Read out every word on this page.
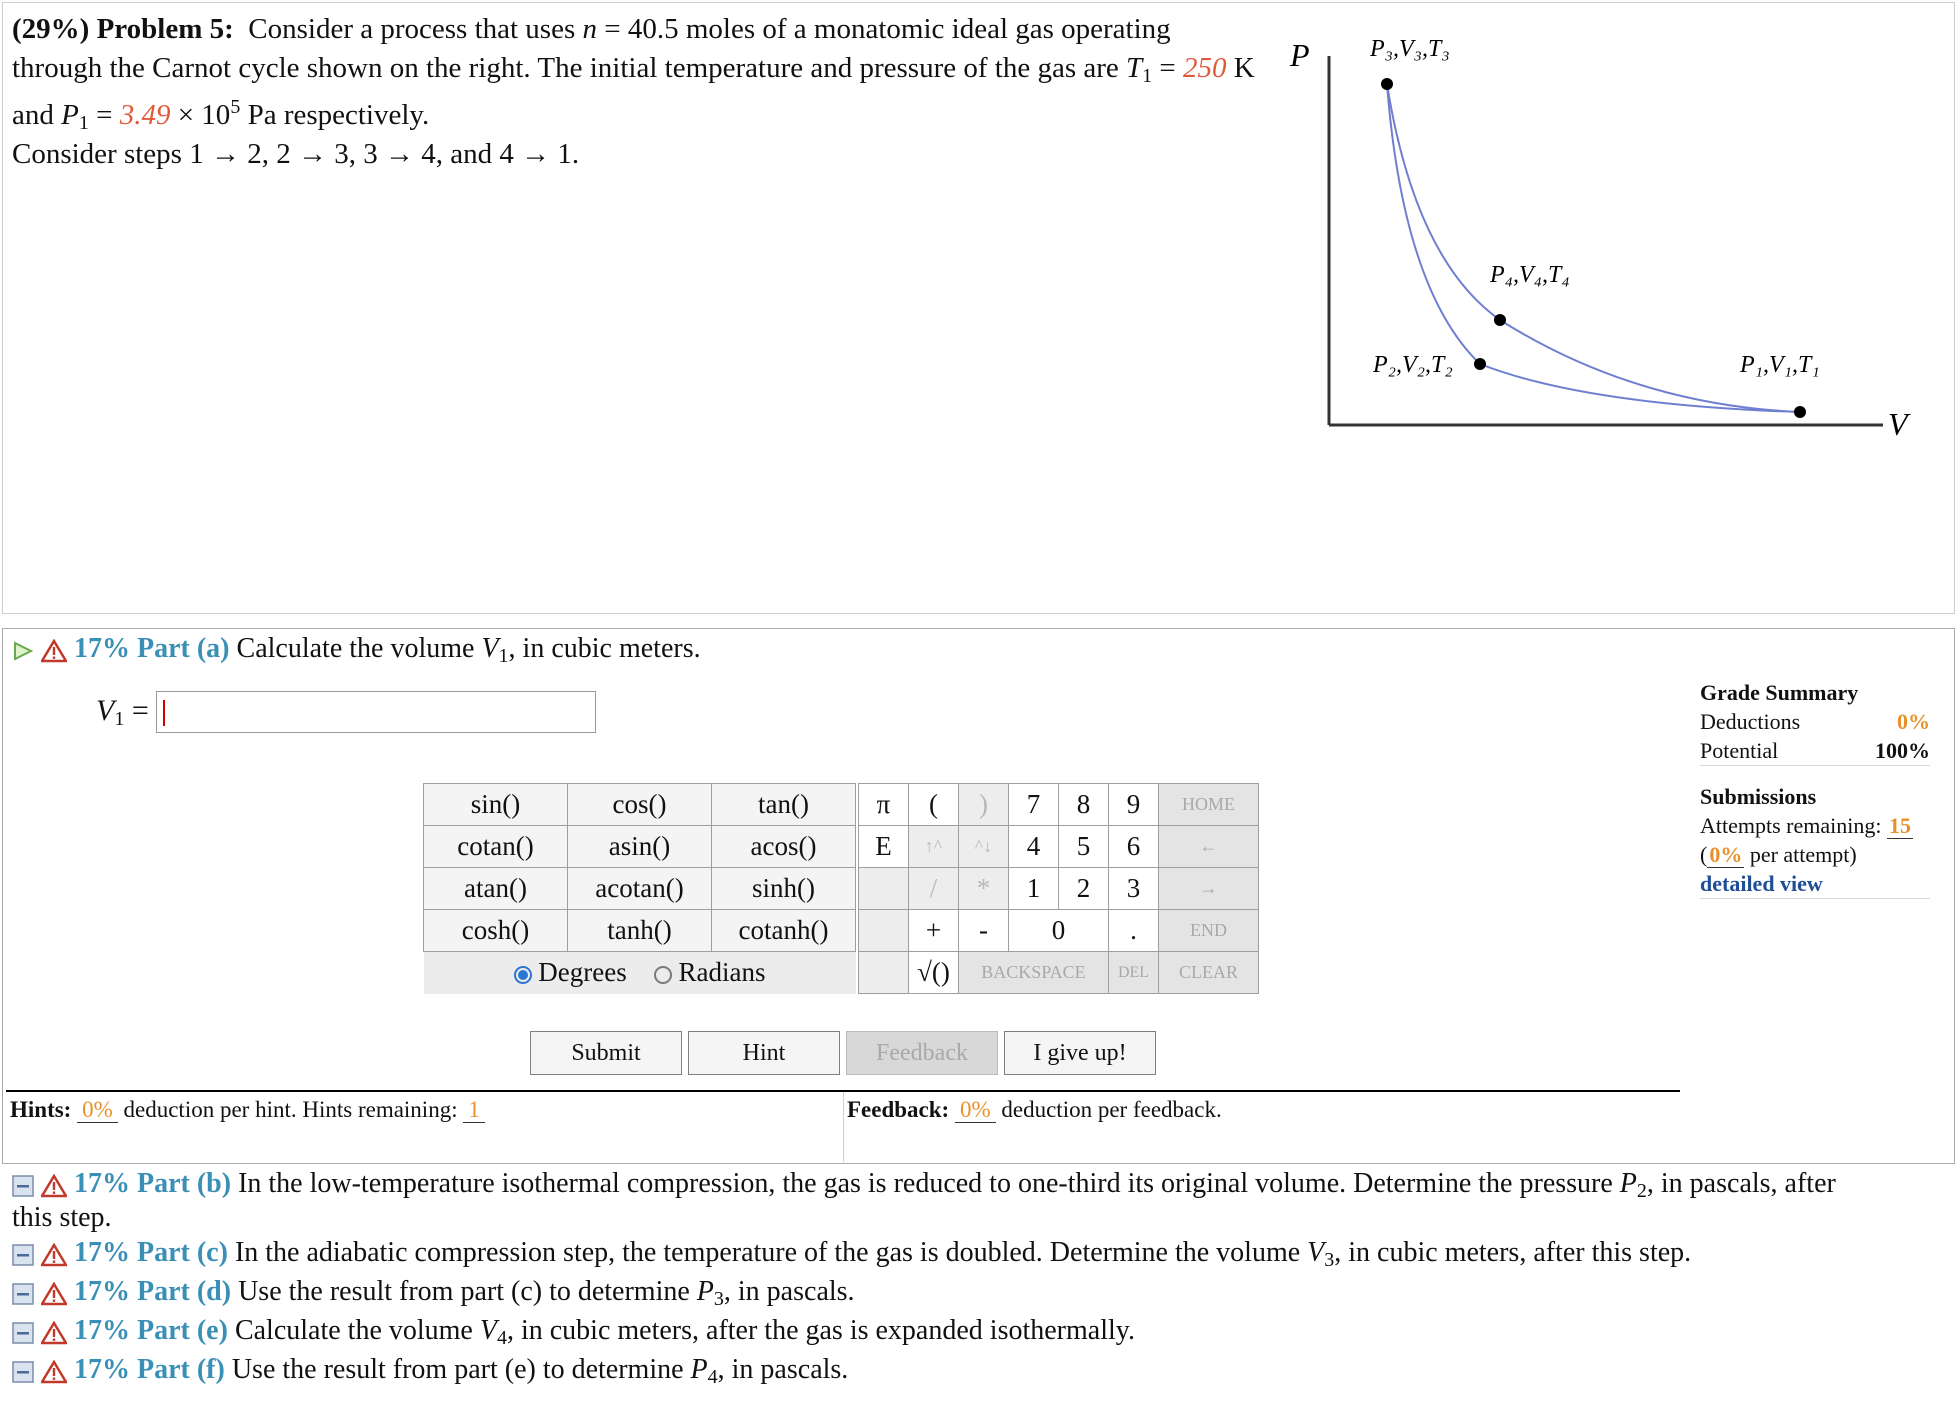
(29%) Problem 5: Consider a process that uses n = 40.5 moles of a monatomic ideal gas operating
through the Carnot cycle shown on the right. The initial temperature and pressure of the gas are $T_1 = 250$ K
and $P_1 = 3.49 \times 10^5$ Pa respectively.
Consider steps 1 → 2, 2 → 3, 3 → 4, and 4 → 1.
P
V
P₃,V₃,T₃
P₄,V₄,T₄
P₂,V₂,T₂	P₁,V₁,T₁
17% Part (a) Calculate the volume $V_1$, in cubic meters.
$V_1$ =
sin()	cos()	tan()
cotan()	asin()	acos()
atan()	acotan()	sinh()
cosh()	tanh()	cotanh()
Degrees Radians		
π	(	)	7	8	9	HOME
E	↑^	^↓	4	5	6	←
	/	*	1	2	3	→
	+	-	0		.	END
	√()	BACKSPACE			DEL	CLEAR
Submit	Hint	Feedback	I give up!
Hints: 0% deduction per hint. Hints remaining: 1	Feedback: 0% deduction per feedback.
Grade Summary
Deductions	0%
Potential	100%
Submissions
Attempts remaining: 15
(0% per attempt)
detailed view
17% Part (b) In the low-temperature isothermal compression, the gas is reduced to one-third its original volume. Determine the pressure $P_2$, in pascals, after
this step.
17% Part (c) In the adiabatic compression step, the temperature of the gas is doubled. Determine the volume $V_3$, in cubic meters, after this step.
17% Part (d) Use the result from part (c) to determine $P_3$, in pascals.
17% Part (e) Calculate the volume $V_4$, in cubic meters, after the gas is expanded isothermally.
17% Part (f) Use the result from part (e) to determine $P_4$, in pascals.
